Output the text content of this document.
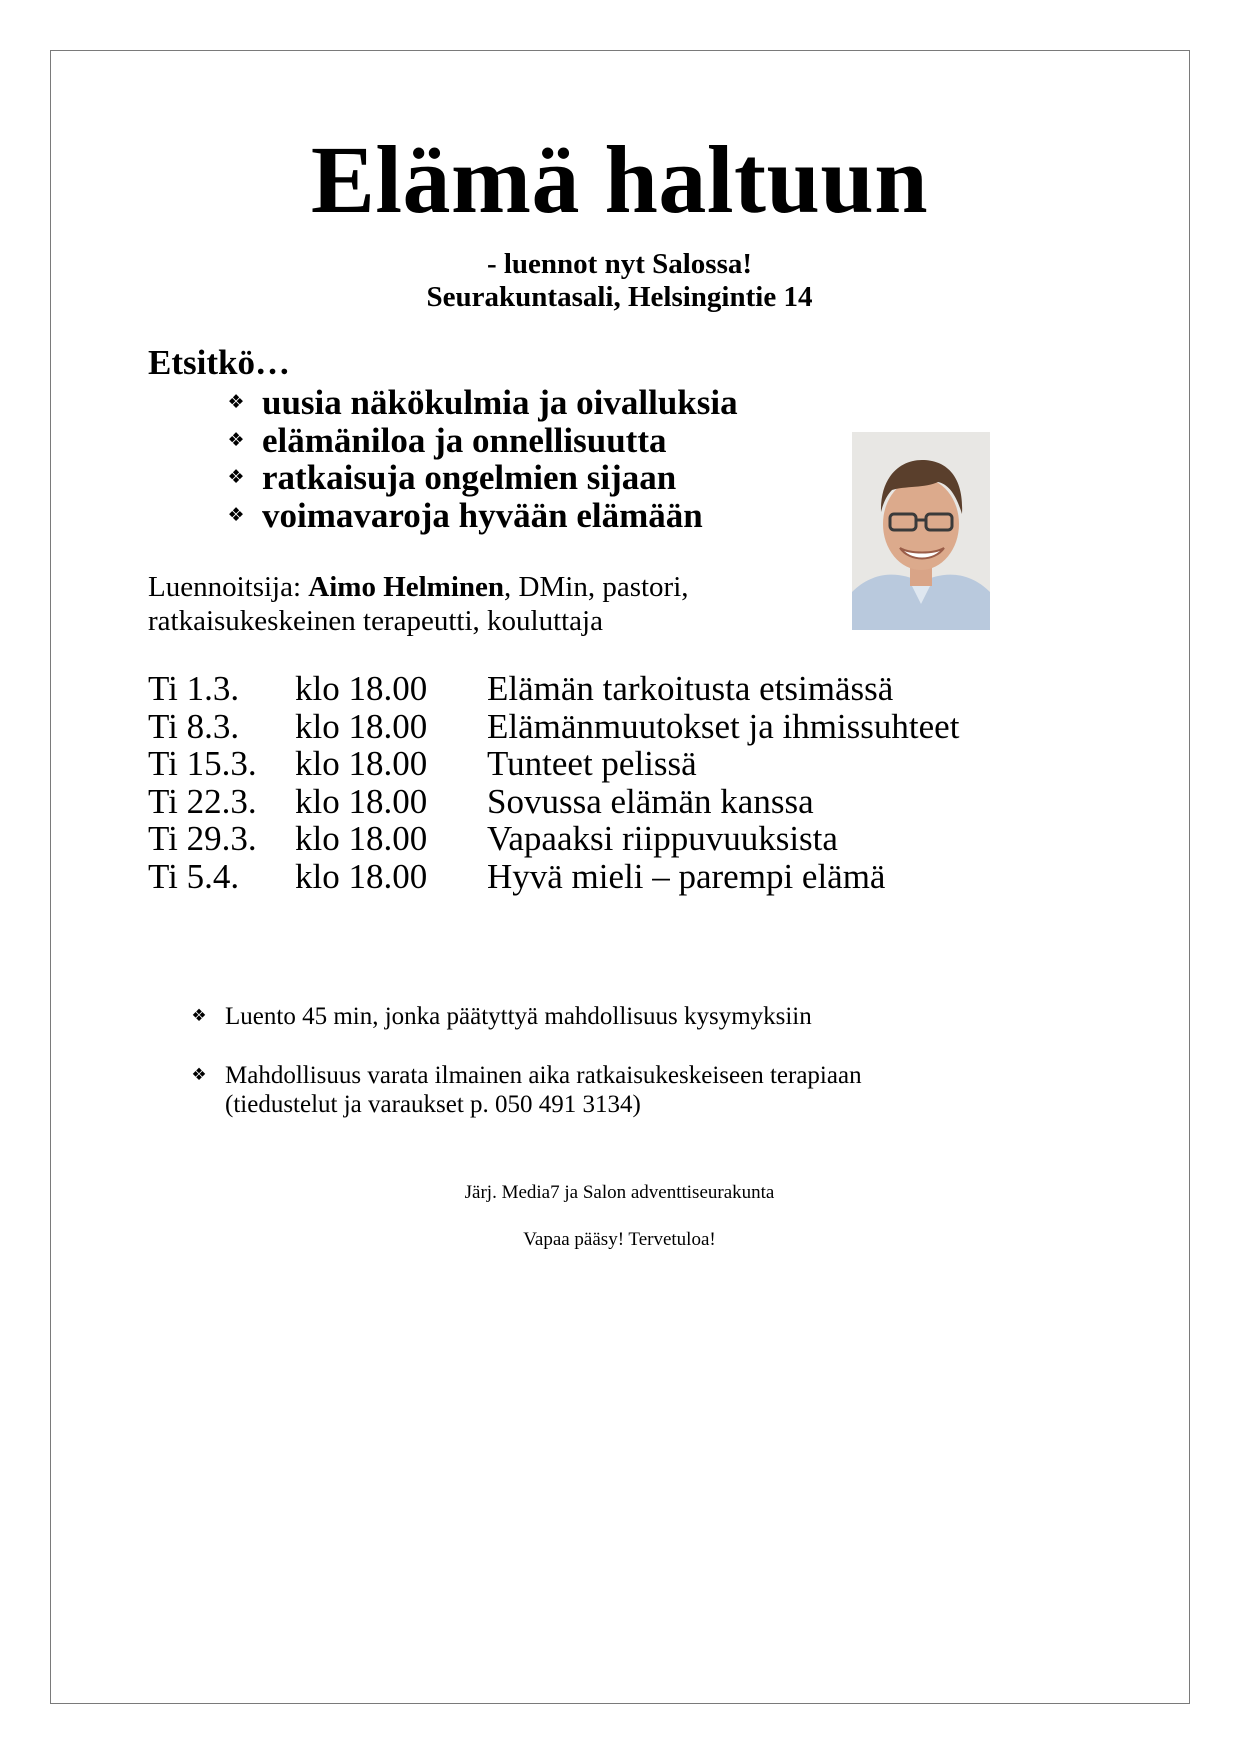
Elämä haltuun
- luennot nyt Salossa!
Seurakuntasali, Helsingintie 14
Etsitkö…
❖ uusia näkökulmia ja oivalluksia
❖ elämäniloa ja onnellisuutta
❖ ratkaisuja ongelmien sijaan
❖ voimavaroja hyvään elämään
Luennoitsija: Aimo Helminen, DMin, pastori,
ratkaisukeskeinen terapeutti, kouluttaja
Ti 1.3.	klo 18.00	Elämän tarkoitusta etsimässä
Ti 8.3.	klo 18.00	Elämänmuutokset ja ihmissuhteet
Ti 15.3.	klo 18.00	Tunteet pelissä
Ti 22.3.	klo 18.00	Sovussa elämän kanssa
Ti 29.3.	klo 18.00	Vapaaksi riippuvuuksista
Ti 5.4.	klo 18.00	Hyvä mieli – parempi elämä
❖ Luento 45 min, jonka päätyttyä mahdollisuus kysymyksiin
❖ Mahdollisuus varata ilmainen aika ratkaisukeskeiseen terapiaan
(tiedustelut ja varaukset p. 050 491 3134)
Järj. Media7 ja Salon adventtiseurakunta
Vapaa pääsy! Tervetuloa!
